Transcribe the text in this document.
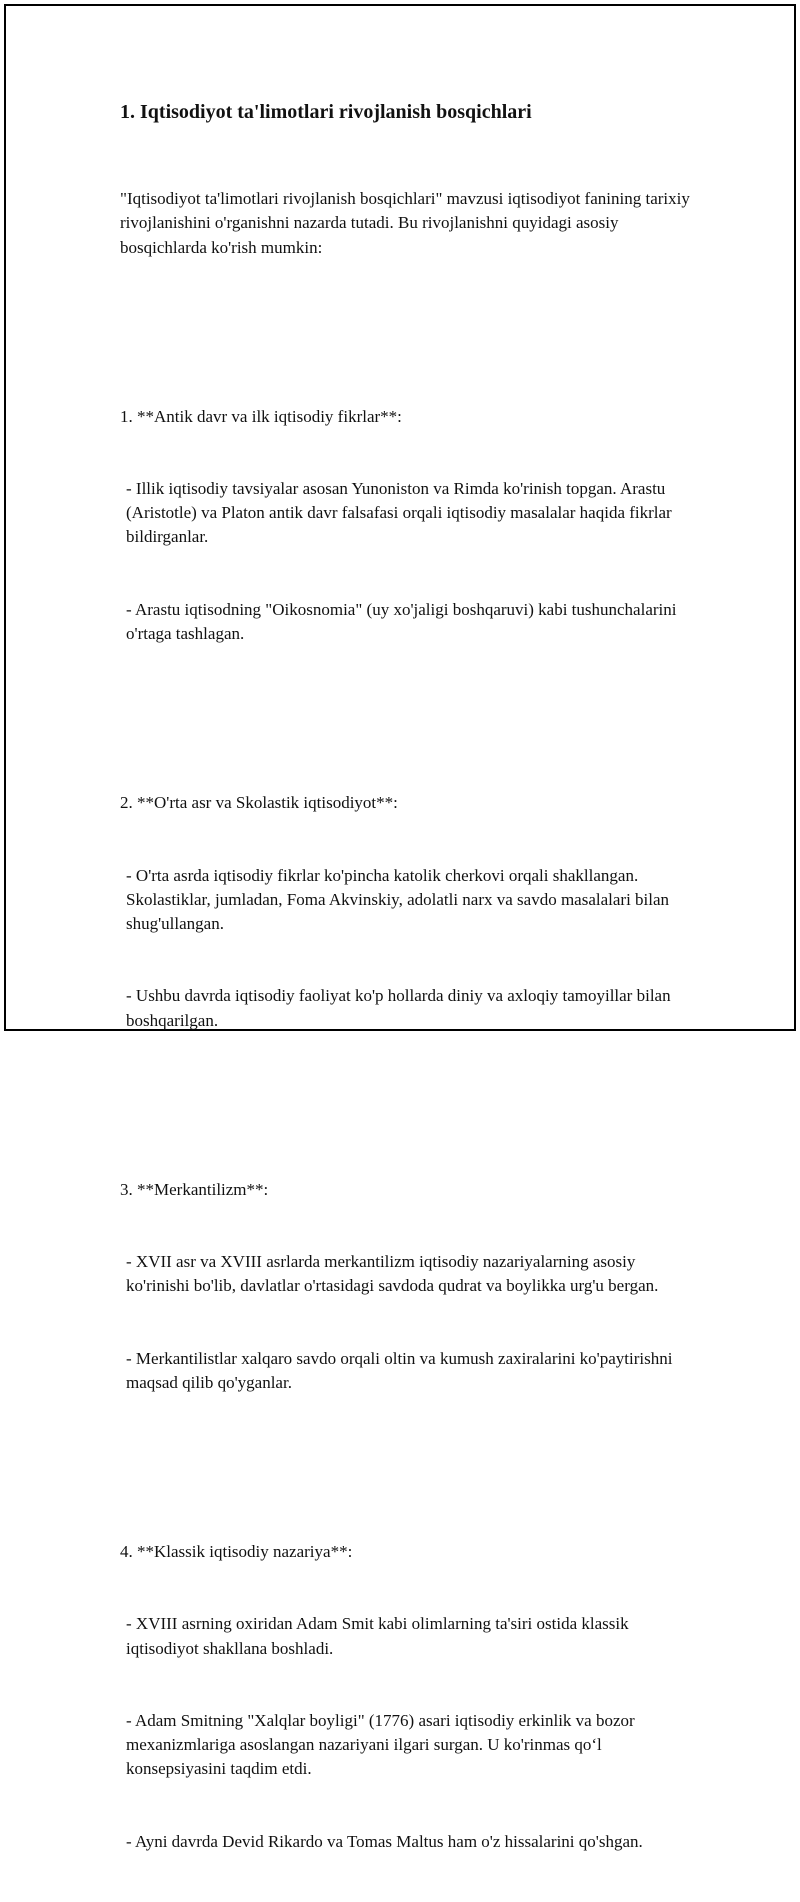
1. Iqtisodiyot ta'limotlari rivojlanish bosqichlari

"Iqtisodiyot ta'limotlari rivojlanish bosqichlari" mavzusi iqtisodiyot fanining tarixiy rivojlanishini o'rganishni nazarda tutadi. Bu rivojlanishni quyidagi asosiy bosqichlarda ko'rish mumkin:

1. **Antik davr va ilk iqtisodiy fikrlar**:

- Illik iqtisodiy tavsiyalar asosan Yunoniston va Rimda ko'rinish topgan. Arastu (Aristotle) va Platon antik davr falsafasi orqali iqtisodiy masalalar haqida fikrlar bildirganlar.

- Arastu iqtisodning "Oikosnomia" (uy xo'jaligi boshqaruvi) kabi tushunchalarini o'rtaga tashlagan.

2. **O'rta asr va Skolastik iqtisodiyot**:

- O'rta asrda iqtisodiy fikrlar ko'pincha katolik cherkovi orqali shakllangan. Skolastiklar, jumladan, Foma Akvinskiy, adolatli narx va savdo masalalari bilan shug'ullangan.

- Ushbu davrda iqtisodiy faoliyat ko'p hollarda diniy va axloqiy tamoyillar bilan boshqarilgan.

3. **Merkantilizm**:

- XVII asr va XVIII asrlarda merkantilizm iqtisodiy nazariyalarning asosiy ko'rinishi bo'lib, davlatlar o'rtasidagi savdoda qudrat va boylikka urg'u bergan.

- Merkantilistlar xalqaro savdo orqali oltin va kumush zaxiralarini ko'paytirishni maqsad qilib qo'yganlar.

4. **Klassik iqtisodiy nazariya**:

- XVIII asrning oxiridan Adam Smit kabi olimlarning ta'siri ostida klassik iqtisodiyot shakllana boshladi.

- Adam Smitning "Xalqlar boyligi" (1776) asari iqtisodiy erkinlik va bozor mexanizmlariga asoslangan nazariyani ilgari surgan. U ko'rinmas qo‘l konsepsiyasini taqdim etdi.

- Ayni davrda Devid Rikardo va Tomas Maltus ham o'z hissalarini qo'shgan.
